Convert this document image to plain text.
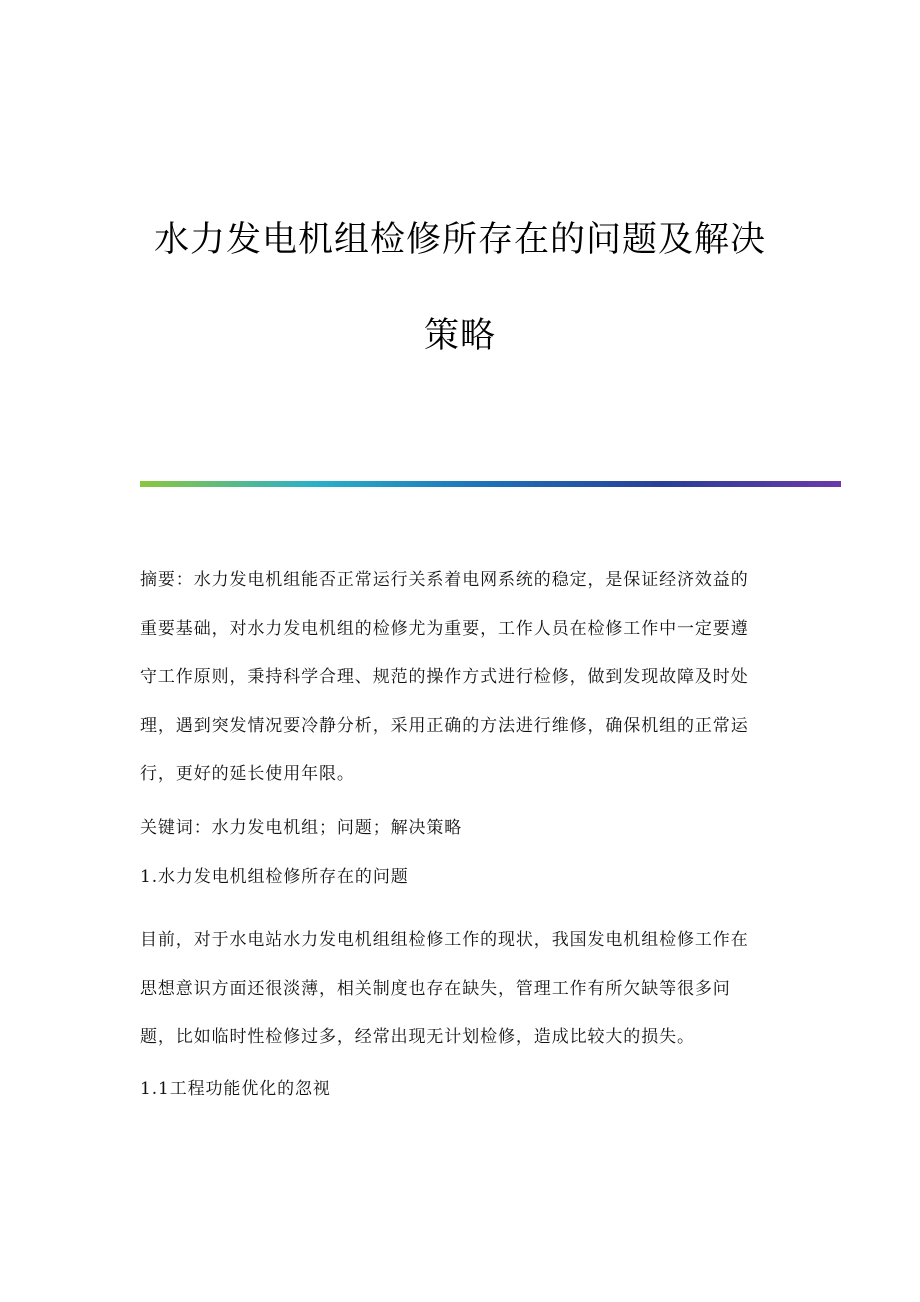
水力发电机组检修所存在的问题及解决
策略

摘要：水力发电机组能否正常运行关系着电网系统的稳定，是保证经济效益的
重要基础，对水力发电机组的检修尤为重要，工作人员在检修工作中一定要遵
守工作原则，秉持科学合理、规范的操作方式进行检修，做到发现故障及时处
理，遇到突发情况要冷静分析，采用正确的方法进行维修，确保机组的正常运
行，更好的延长使用年限。

关键词：水力发电机组；问题；解决策略

1.水力发电机组检修所存在的问题

目前，对于水电站水力发电机组组检修工作的现状，我国发电机组检修工作在
思想意识方面还很淡薄，相关制度也存在缺失，管理工作有所欠缺等很多问
题，比如临时性检修过多，经常出现无计划检修，造成比较大的损失。

1.1工程功能优化的忽视
